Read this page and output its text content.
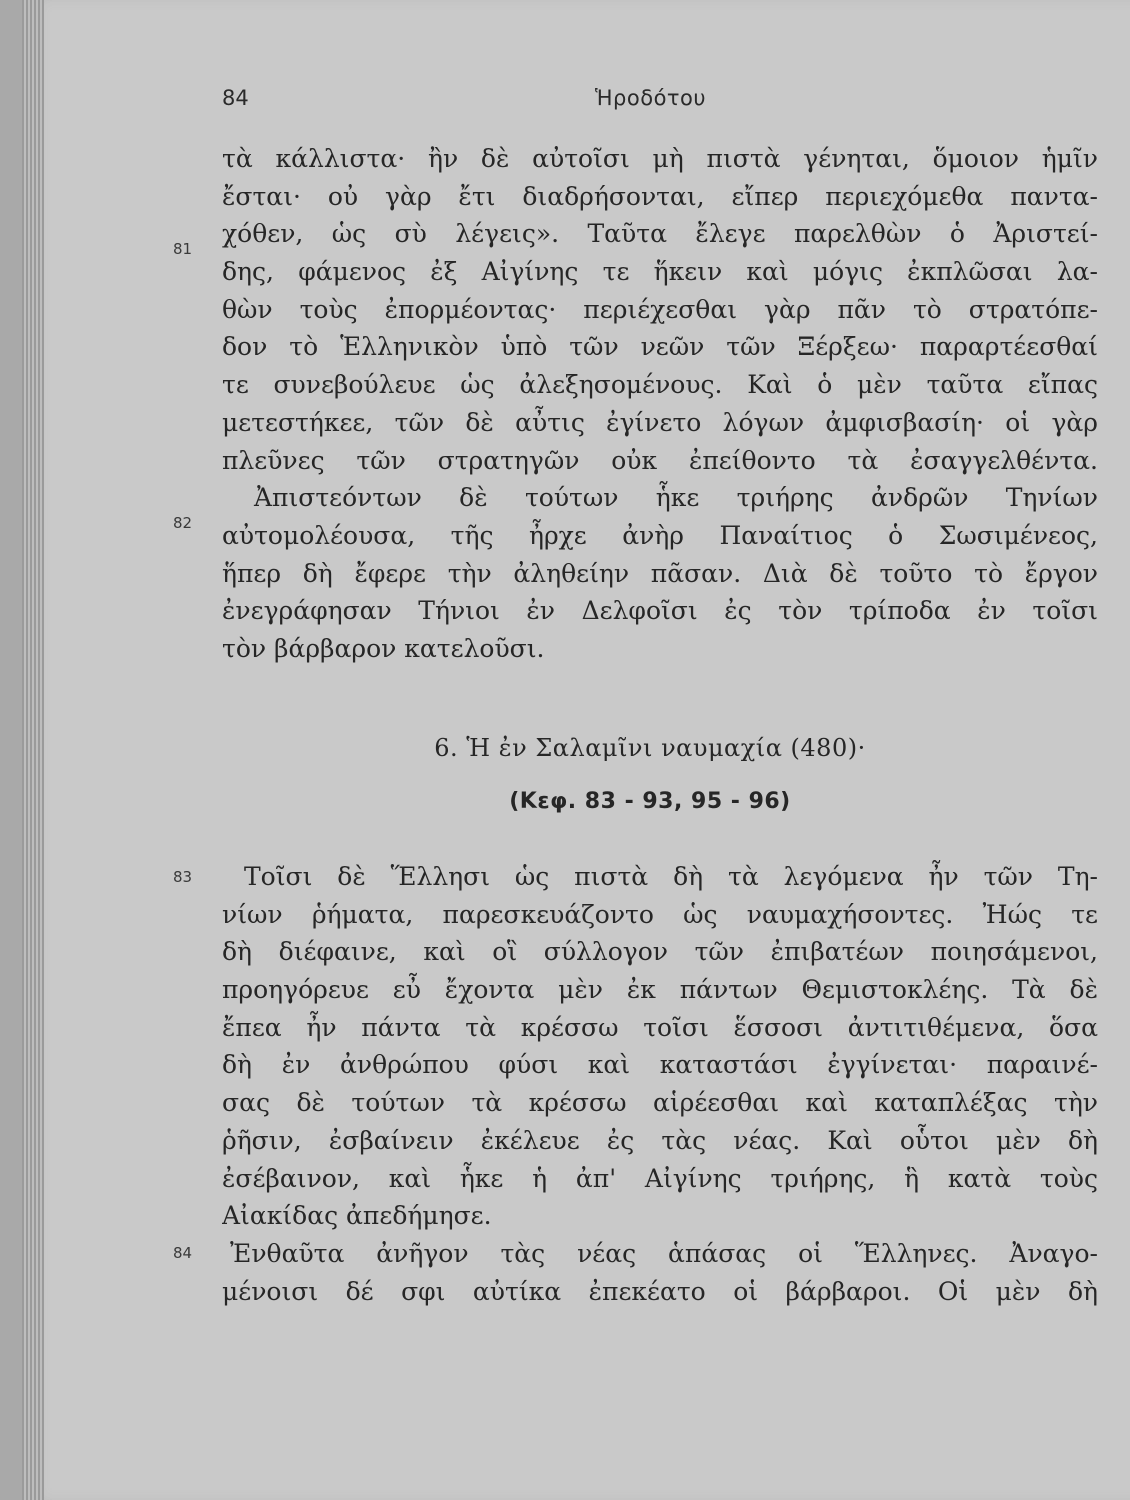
84	Ἡροδότου
81
82
83
84
τὰ κάλλιστα· ἢν δὲ αὐτοῖσι μὴ πιστὰ γένηται, ὅμοιον ἡμῖν
ἔσται· οὐ γὰρ ἔτι διαδρήσονται, εἴπερ περιεχόμεθα παντα-
χόθεν, ὡς σὺ λέγεις». Ταῦτα ἔλεγε παρελθὼν ὁ Ἀριστεί-
δης, φάμενος ἐξ Αἰγίνης τε ἥκειν καὶ μόγις ἐκπλῶσαι λα-
θὼν τοὺς ἐπορμέοντας· περιέχεσθαι γὰρ πᾶν τὸ στρατόπε-
δον τὸ Ἑλληνικὸν ὑπὸ τῶν νεῶν τῶν Ξέρξεω· παραρτέεσθαί
τε συνεβούλευε ὡς ἀλεξησομένους. Καὶ ὁ μὲν ταῦτα εἴπας
μετεστήκεε, τῶν δὲ αὖτις ἐγίνετο λόγων ἀμφισβασίη· οἱ γὰρ
πλεῦνες τῶν στρατηγῶν οὐκ ἐπείθοντο τὰ ἐσαγγελθέντα.
Ἀπιστεόντων δὲ τούτων ἧκε τριήρης ἀνδρῶν Τηνίων
αὐτομολέουσα, τῆς ἦρχε ἀνὴρ Παναίτιος ὁ Σωσιμένεος,
ἥπερ δὴ ἔφερε τὴν ἀληθείην πᾶσαν. Διὰ δὲ τοῦτο τὸ ἔργον
ἐνεγράφησαν Τήνιοι ἐν Δελφοῖσι ἐς τὸν τρίποδα ἐν τοῖσι
τὸν βάρβαρον κατελοῦσι.
6. Ἡ ἐν Σαλαμῖνι ναυμαχία (480)·
(Κεφ. 83 - 93, 95 - 96)
Τοῖσι δὲ Ἕλλησι ὡς πιστὰ δὴ τὰ λεγόμενα ἦν τῶν Τη-
νίων ῥήματα, παρεσκευάζοντο ὡς ναυμαχήσοντες. Ἠώς τε
δὴ διέφαινε, καὶ οἳ σύλλογον τῶν ἐπιβατέων ποιησάμενοι,
προηγόρευε εὖ ἔχοντα μὲν ἐκ πάντων Θεμιστοκλέης. Τὰ δὲ
ἔπεα ἦν πάντα τὰ κρέσσω τοῖσι ἕσσοσι ἀντιτιθέμενα, ὅσα
δὴ ἐν ἀνθρώπου φύσι καὶ καταστάσι ἐγγίνεται· παραινέ-
σας δὲ τούτων τὰ κρέσσω αἱρέεσθαι καὶ καταπλέξας τὴν
ῥῆσιν, ἐσβαίνειν ἐκέλευε ἐς τὰς νέας. Καὶ οὗτοι μὲν δὴ
ἐσέβαινον, καὶ ἧκε ἡ ἀπ' Αἰγίνης τριήρης, ἣ κατὰ τοὺς
Αἰακίδας ἀπεδήμησε.
Ἐνθαῦτα ἀνῆγον τὰς νέας ἁπάσας οἱ Ἕλληνες. Ἀναγο-
μένοισι δέ σφι αὐτίκα ἐπεκέατο οἱ βάρβαροι. Οἱ μὲν δὴ
